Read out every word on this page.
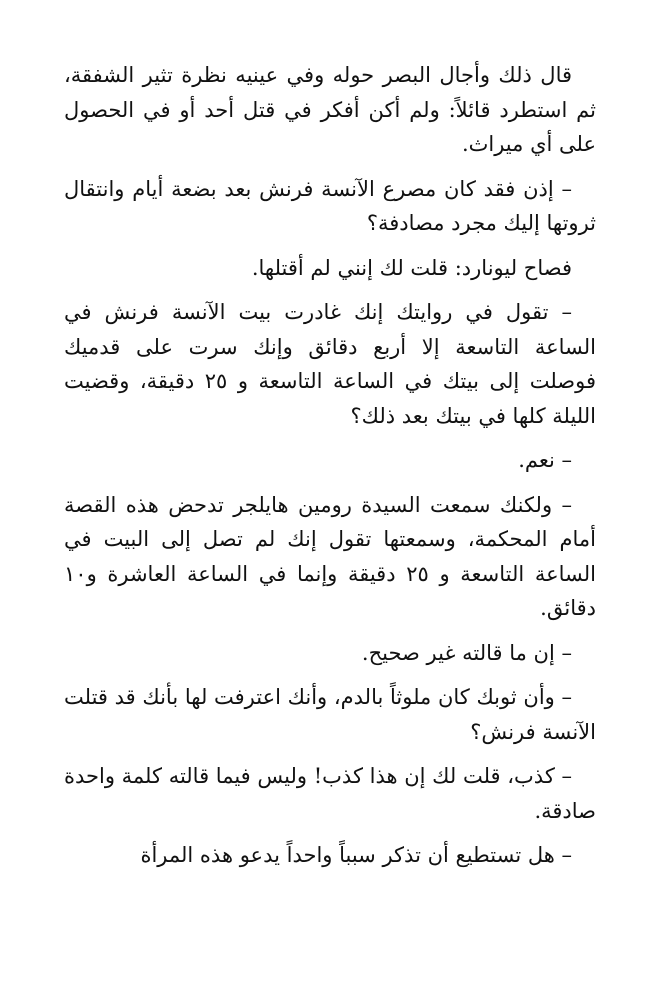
قال ذلك وأجال البصر حوله وفي عينيه نظرة تثير الشفقة، ثم استطرد قائلاً: ولم أكن أفكر في قتل أحد أو في الحصول على أي ميراث.

– إذن فقد كان مصرع الآنسة فرنش بعد بضعة أيام وانتقال ثروتها إليك مجرد مصادفة؟

فصاح ليونارد: قلت لك إنني لم أقتلها.

– تقول في روايتك إنك غادرت بيت الآنسة فرنش في الساعة التاسعة إلا أربع دقائق وإنك سرت على قدميك فوصلت إلى بيتك في الساعة التاسعة و ٢٥ دقيقة، وقضيت الليلة كلها في بيتك بعد ذلك؟

– نعم.

– ولكنك سمعت السيدة رومين هايلجر تدحض هذه القصة أمام المحكمة، وسمعتها تقول إنك لم تصل إلى البيت في الساعة التاسعة و ٢٥ دقيقة وإنما في الساعة العاشرة و١٠ دقائق.

– إن ما قالته غير صحيح.

– وأن ثوبك كان ملوثاً بالدم، وأنك اعترفت لها بأنك قد قتلت الآنسة فرنش؟

– كذب، قلت لك إن هذا كذب! وليس فيما قالته كلمة واحدة صادقة.

– هل تستطيع أن تذكر سبباً واحداً يدعو هذه المرأة
